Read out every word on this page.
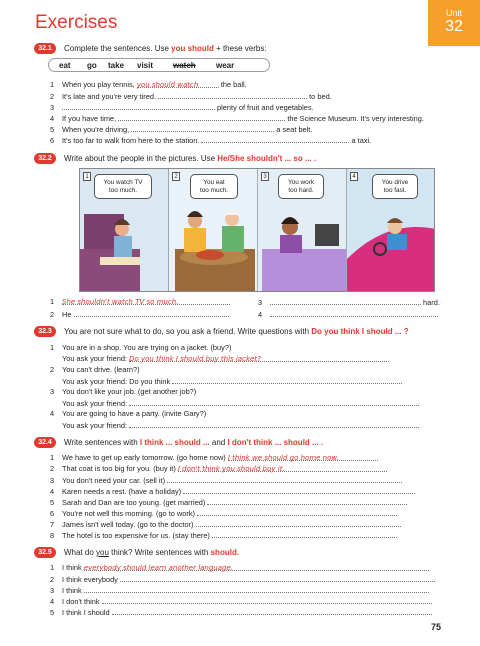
Exercises	Unit
32
32.1	Complete the sentences. Use you should + these verbs:
eat go take visit watch	wear
1 When you play tennis, you should watch	the ball.
2 It's late and you're very tired.	to bed.
3	plenty of fruit and vegetables.
4 If you have time,	the Science Museum. It's very interesting.
5 When you're driving,	a seat belt.
6 It's too far to walk from here to the station.	a taxi.
32.2	Write about the people in the pictures. Use He/She shouldn't ... so ... .
1	2	3	4
You watch TV
too much.
You eat
too much.
You work
too hard.
You drive
too fast.
1 She shouldn't watch TV so much.
2 He
3	hard.
4
32.3	You are not sure what to do, so you ask a friend. Write questions with Do you think I should ... ?
1 You are in a shop. You are trying on a jacket. (buy?)
You ask your friend: Do you think I should buy this jacket?
2 You can't drive. (learn?)
You ask your friend: Do you think
3 You don't like your job. (get another job?)
You ask your friend:
4 You are going to have a party. (invite Gary?)
You ask your friend:
32.4	Write sentences with I think ... should ... and I don't think ... should ... .
1 We have to get up early tomorrow. (go home now) I think we should go home now.
2 That coat is too big for you. (buy it) I don't think you should buy it.
3 You don't need your car. (sell it)
4 Karen needs a rest. (have a holiday)
5 Sarah and Dan are too young. (get married)
6 You're not well this morning. (go to work)
7 James isn't well today. (go to the doctor)
8 The hotel is too expensive for us. (stay there)
32.5	What do you think? Write sentences with should.
1 I think everybody should learn another language.
2 I think everybody
3 I think
4 I don't think
5 I think I should
75
